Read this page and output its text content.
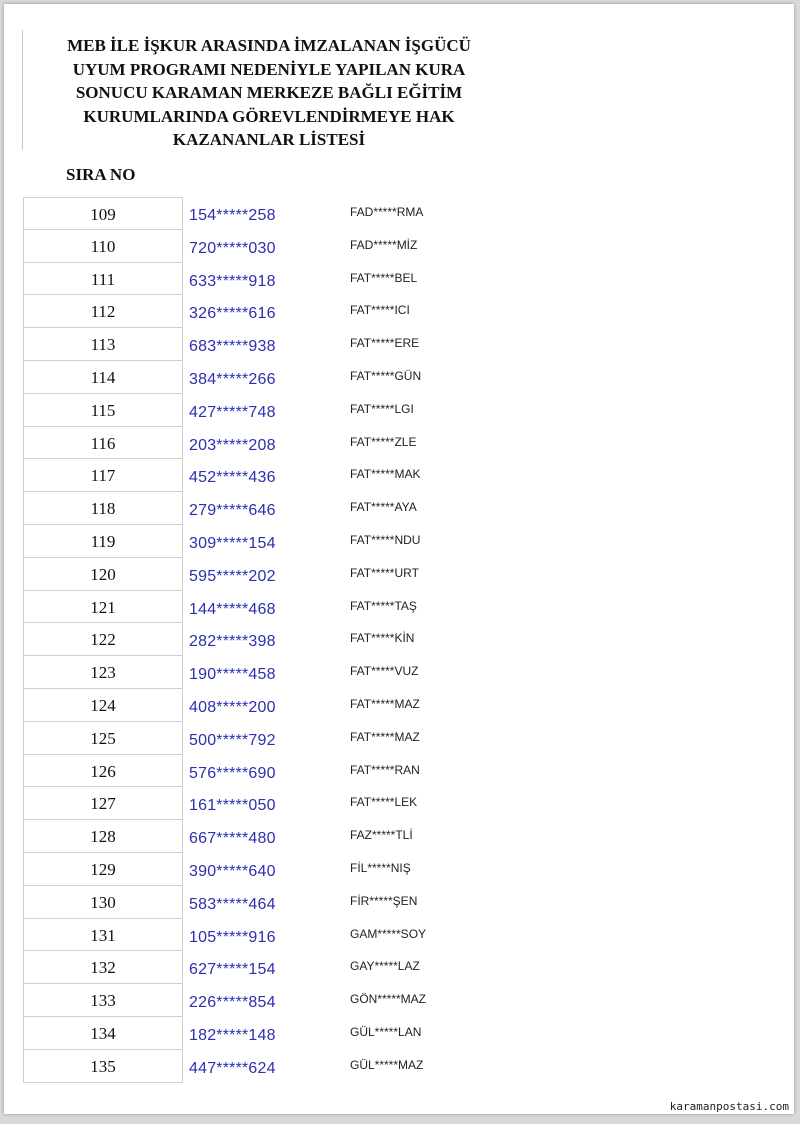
MEB İLE İŞKUR ARASINDA İMZALANAN İŞGÜCÜ
UYUM PROGRAMI NEDENİYLE YAPILAN KURA
SONUCU KARAMAN MERKEZE BAĞLI EĞİTİM
KURUMLARINDA GÖREVLENDİRMEYE HAK
KAZANANLAR LİSTESİ
SIRA NO
109	154*****258	FAD*****RMA
110	720*****030	FAD*****MİZ
111	633*****918	FAT*****BEL
112	326*****616	FAT*****ICI
113	683*****938	FAT*****ERE
114	384*****266	FAT*****GÜN
115	427*****748	FAT*****LGI
116	203*****208	FAT*****ZLE
117	452*****436	FAT*****MAK
118	279*****646	FAT*****AYA
119	309*****154	FAT*****NDU
120	595*****202	FAT*****URT
121	144*****468	FAT*****TAŞ
122	282*****398	FAT*****KİN
123	190*****458	FAT*****VUZ
124	408*****200	FAT*****MAZ
125	500*****792	FAT*****MAZ
126	576*****690	FAT*****RAN
127	161*****050	FAT*****LEK
128	667*****480	FAZ*****TLİ
129	390*****640	FİL*****NIŞ
130	583*****464	FİR*****ŞEN
131	105*****916	GAM*****SOY
132	627*****154	GAY*****LAZ
133	226*****854	GÖN*****MAZ
134	182*****148	GÜL*****LAN
135	447*****624	GÜL*****MAZ
karamanpostasi.com
